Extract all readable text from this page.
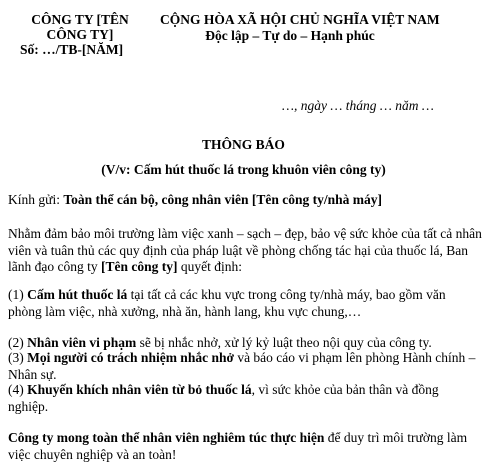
CÔNG TY [TÊN CÔNG TY]
Số: …/TB-[NĂM]
CỘNG HÒA XÃ HỘI CHỦ NGHĨA VIỆT NAM
Độc lập – Tự do – Hạnh phúc
…, ngày … tháng … năm …
THÔNG BÁO
(V/v: Cấm hút thuốc lá trong khuôn viên công ty)
Kính gửi: Toàn thể cán bộ, công nhân viên [Tên công ty/nhà máy]

Nhằm đảm bảo môi trường làm việc xanh – sạch – đẹp, bảo vệ sức khỏe của tất cả nhân viên và tuân thủ các quy định của pháp luật về phòng chống tác hại của thuốc lá, Ban lãnh đạo công ty [Tên công ty] quyết định:

(1) Cấm hút thuốc lá tại tất cả các khu vực trong công ty/nhà máy, bao gồm văn phòng làm việc, nhà xưởng, nhà ăn, hành lang, khu vực chung,…

(2) Nhân viên vi phạm sẽ bị nhắc nhở, xử lý kỷ luật theo nội quy của công ty.

(3) Mọi người có trách nhiệm nhắc nhở và báo cáo vi phạm lên phòng Hành chính – Nhân sự.

(4) Khuyến khích nhân viên từ bỏ thuốc lá, vì sức khỏe của bản thân và đồng nghiệp.

Công ty mong toàn thể nhân viên nghiêm túc thực hiện để duy trì môi trường làm việc chuyên nghiệp và an toàn!
